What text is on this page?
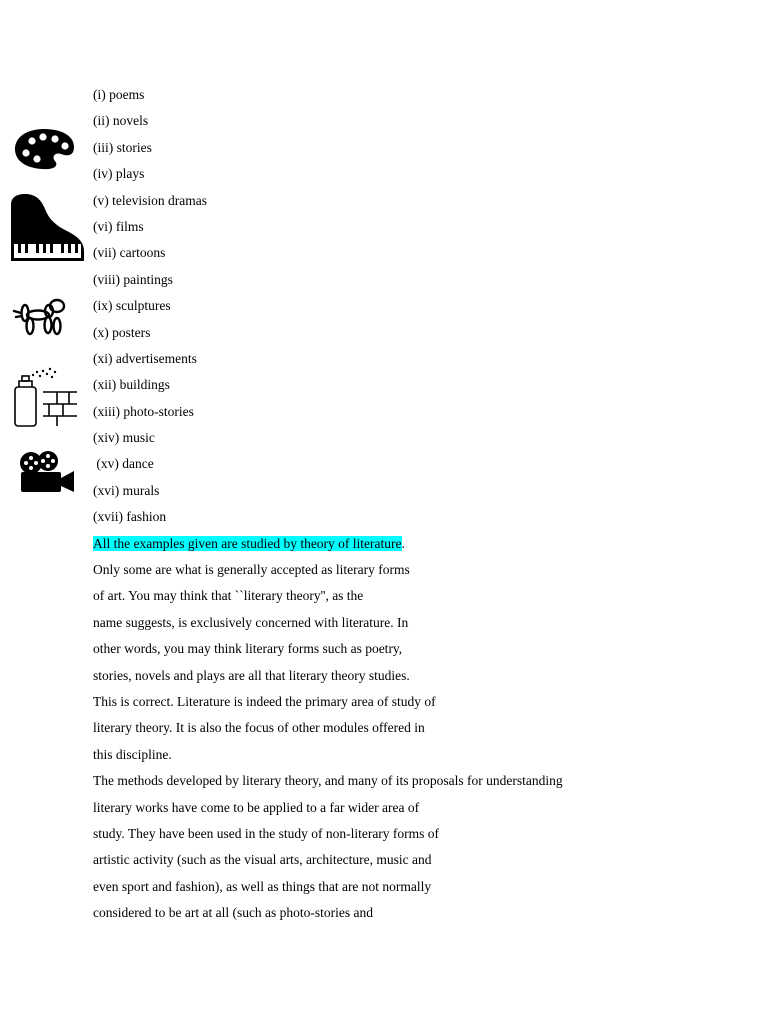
(i) poems
(ii) novels
(iii) stories
(iv) plays
(v) television dramas
(vi) films
(vii) cartoons
(viii) paintings
(ix) sculptures
(x) posters
(xi) advertisements
(xii) buildings
(xiii) photo-stories
(xiv) music
(xv) dance
(xvi) murals
(xvii) fashion
All the examples given are studied by theory of literature.
Only some are what is generally accepted as literary forms
of art. You may think that ``literary theory'', as the
name suggests, is exclusively concerned with literature. In
other words, you may think literary forms such as poetry,
stories, novels and plays are all that literary theory studies.
This is correct. Literature is indeed the primary area of study of
literary theory. It is also the focus of other modules offered in
this discipline.
The methods developed by literary theory, and many of its proposals for understanding
literary works have come to be applied to a far wider area of
study. They have been used in the study of non-literary forms of
artistic activity (such as the visual arts, architecture, music and
even sport and fashion), as well as things that are not normally
considered to be art at all (such as photo-stories and
